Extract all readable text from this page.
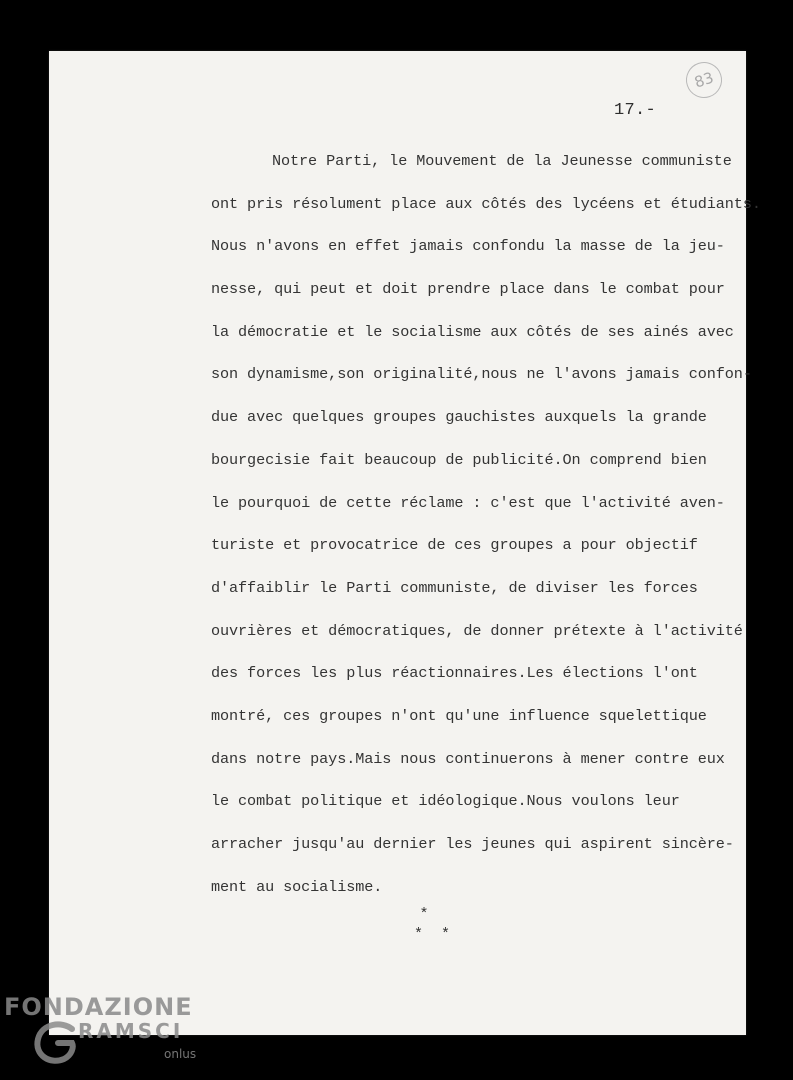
83
17.-
Notre Parti, le Mouvement de la Jeunesse communiste
ont pris résolument place aux côtés des lycéens et étudiants.
Nous n'avons en effet jamais confondu la masse de la jeu-
nesse, qui peut et doit prendre place dans le combat pour
la démocratie et le socialisme aux côtés de ses ainés avec
son dynamisme,son originalité,nous ne l'avons jamais confon-
due avec quelques groupes gauchistes auxquels la grande
bourgecisie fait beaucoup de publicité.On comprend bien
le pourquoi de cette réclame : c'est que l'activité aven-
turiste et provocatrice de ces groupes a pour objectif
d'affaiblir le Parti communiste, de diviser les forces
ouvrières et démocratiques, de donner prétexte à l'activité
des forces les plus réactionnaires.Les élections l'ont
montré, ces groupes n'ont qu'une influence squelettique
dans notre pays.Mais nous continuerons à mener contre eux
le combat politique et idéologique.Nous voulons leur
arracher jusqu'au dernier les jeunes qui aspirent sincère-
ment au socialisme.
*
**
FONDAZIONE
RAMSCI
onlus
